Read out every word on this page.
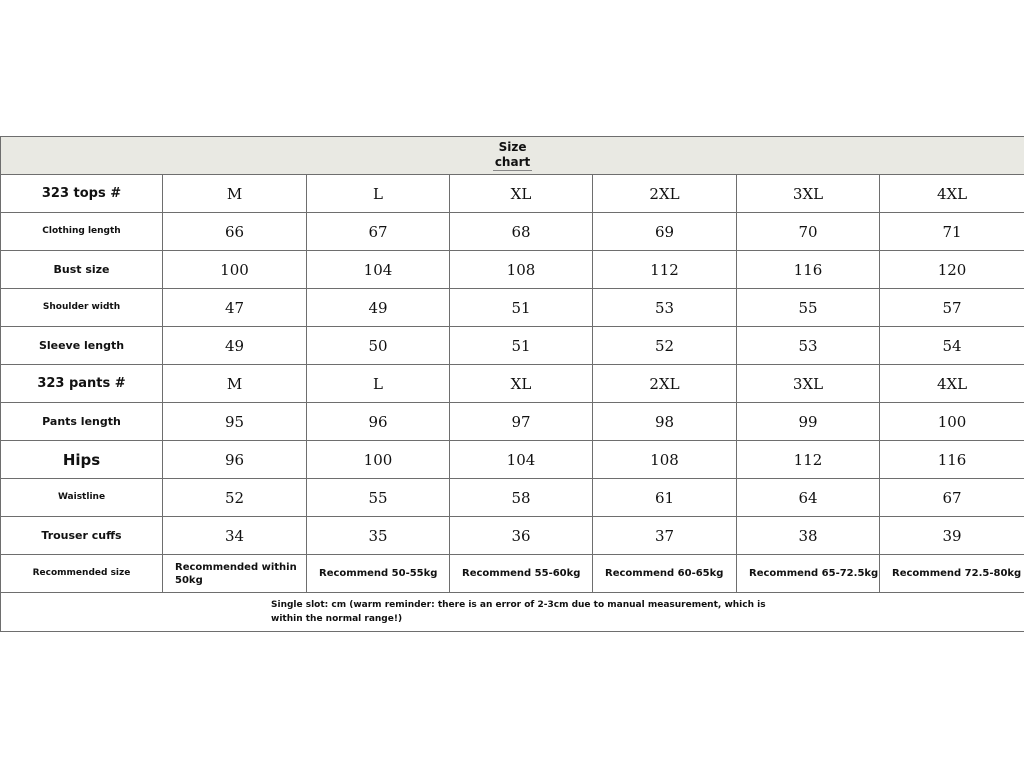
Size
chart						
323 tops #	M	L	XL	2XL	3XL	4XL
Clothing length	66	67	68	69	70	71
Bust size	100	104	108	112	116	120
Shoulder width	47	49	51	53	55	57
Sleeve length	49	50	51	52	53	54
323 pants #	M	L	XL	2XL	3XL	4XL
Pants length	95	96	97	98	99	100
Hips	96	100	104	108	112	116
Waistline	52	55	58	61	64	67
Trouser cuffs	34	35	36	37	38	39
Recommended size	Recommended within 50kg	Recommend 50-55kg	Recommend 55-60kg	Recommend 60-65kg	Recommend 65-72.5kg	Recommend 72.5-80kg

Single slot: cm (warm reminder: there is an error of 2-3cm due to manual measurement, which is within the normal range!)						
